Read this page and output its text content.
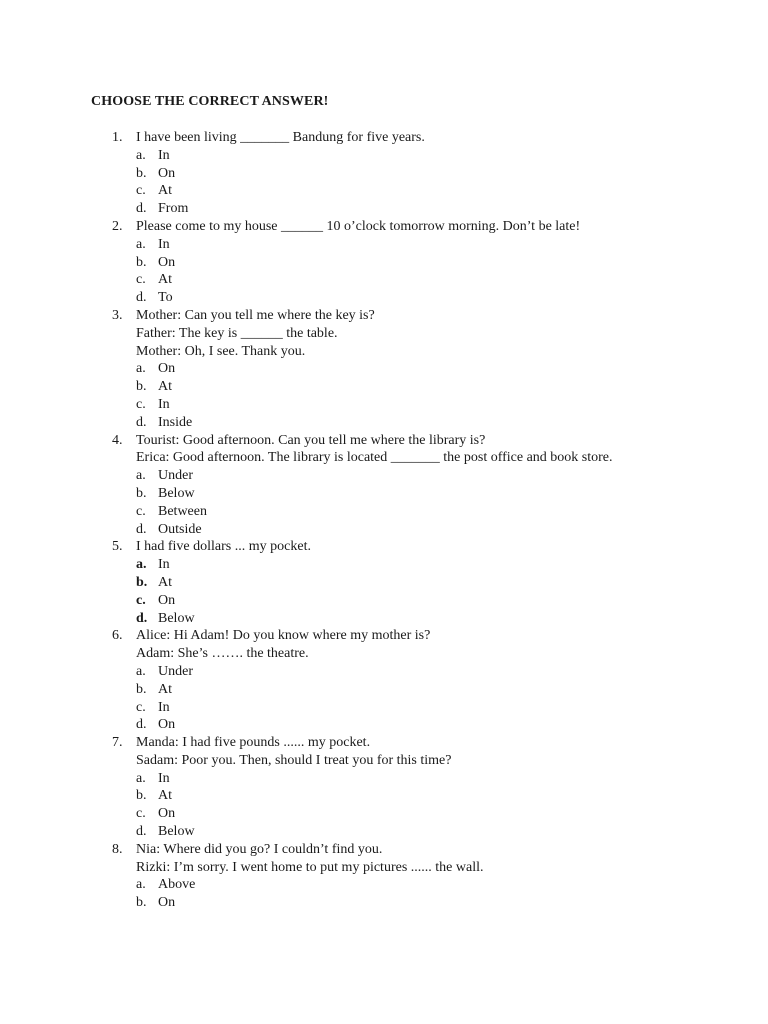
CHOOSE THE CORRECT ANSWER!
1. I have been living _______ Bandung for five years.
a. In
b. On
c. At
d. From
2. Please come to my house ______ 10 o’clock tomorrow morning. Don’t be late!
a. In
b. On
c. At
d. To
3. Mother: Can you tell me where the key is?
Father: The key is ______ the table.
Mother: Oh, I see. Thank you.
a. On
b. At
c. In
d. Inside
4. Tourist: Good afternoon. Can you tell me where the library is?
Erica: Good afternoon. The library is located _______ the post office and book store.
a. Under
b. Below
c. Between
d. Outside
5. I had five dollars ... my pocket.
a. In
b. At
c. On
d. Below
6. Alice: Hi Adam! Do you know where my mother is?
Adam: She’s ……. the theatre.
a. Under
b. At
c. In
d. On
7. Manda: I had five pounds ...... my pocket.
Sadam: Poor you. Then, should I treat you for this time?
a. In
b. At
c. On
d. Below
8. Nia: Where did you go? I couldn’t find you.
Rizki: I’m sorry. I went home to put my pictures ...... the wall.
a. Above
b. On
